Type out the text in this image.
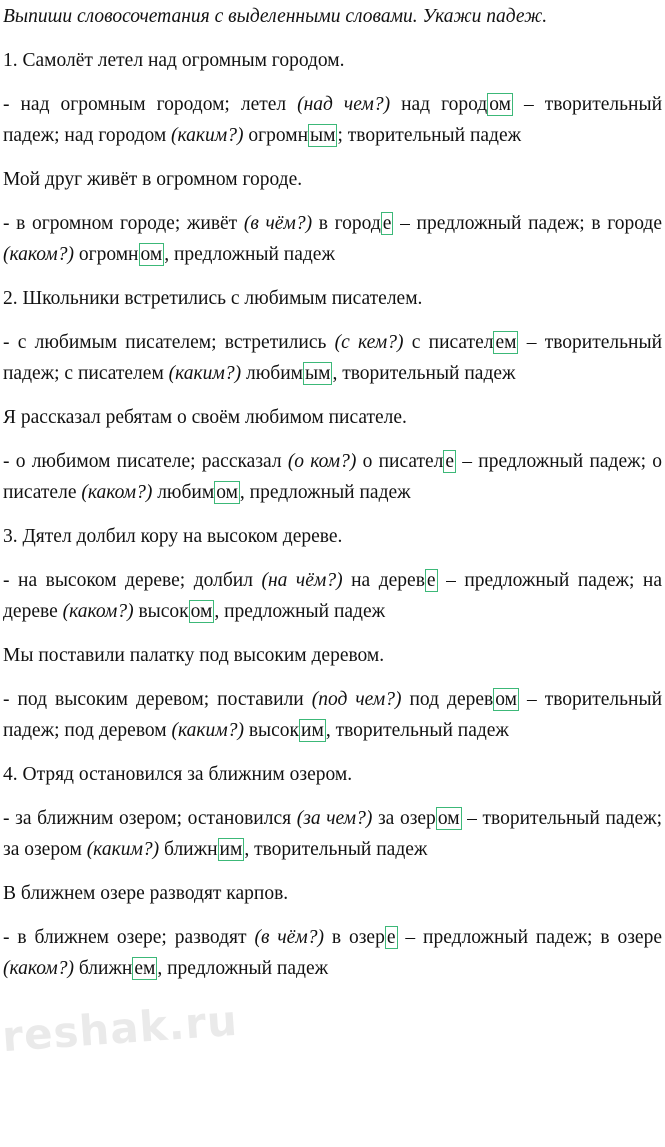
Выпиши словосочетания с выделенными словами. Укажи падеж.
1. Самолёт летел над огромным городом.
- над огромным городом; летел (над чем?) над город ом – творительный падеж; над городом (каким?) огромн ым ; творительный падеж
Мой друг живёт в огромном городе.
- в огромном городе; живёт (в чём?) в город е – предложный падеж; в городе (каком?) огромн ом , предложный падеж
2. Школьники встретились с любимым писателем.
- с любимым писателем; встретились (с кем?) с писател ем – творительный падеж; с писателем (каким?) любим ым , творительный падеж
Я рассказал ребятам о своём любимом писателе.
- о любимом писателе; рассказал (о ком?) о писател е – предложный падеж; о писателе (каком?) любим ом , предложный падеж
3. Дятел долбил кору на высоком дереве.
- на высоком дереве; долбил (на чём?) на дерев е – предложный падеж; на дереве (каком?) высок ом , предложный падеж
Мы поставили палатку под высоким деревом.
- под высоким деревом; поставили (под чем?) под дерев ом – творительный падеж; под деревом (каким?) высок им , творительный падеж
4. Отряд остановился за ближним озером.
- за ближним озером; остановился (за чем?) за озер ом – творительный падеж; за озером (каким?) ближн им , творительный падеж
В ближнем озере разводят карпов.
- в ближнем озере; разводят (в чём?) в озер е – предложный падеж; в озере (каком?) ближн ем , предложный падеж
reshak.ru
